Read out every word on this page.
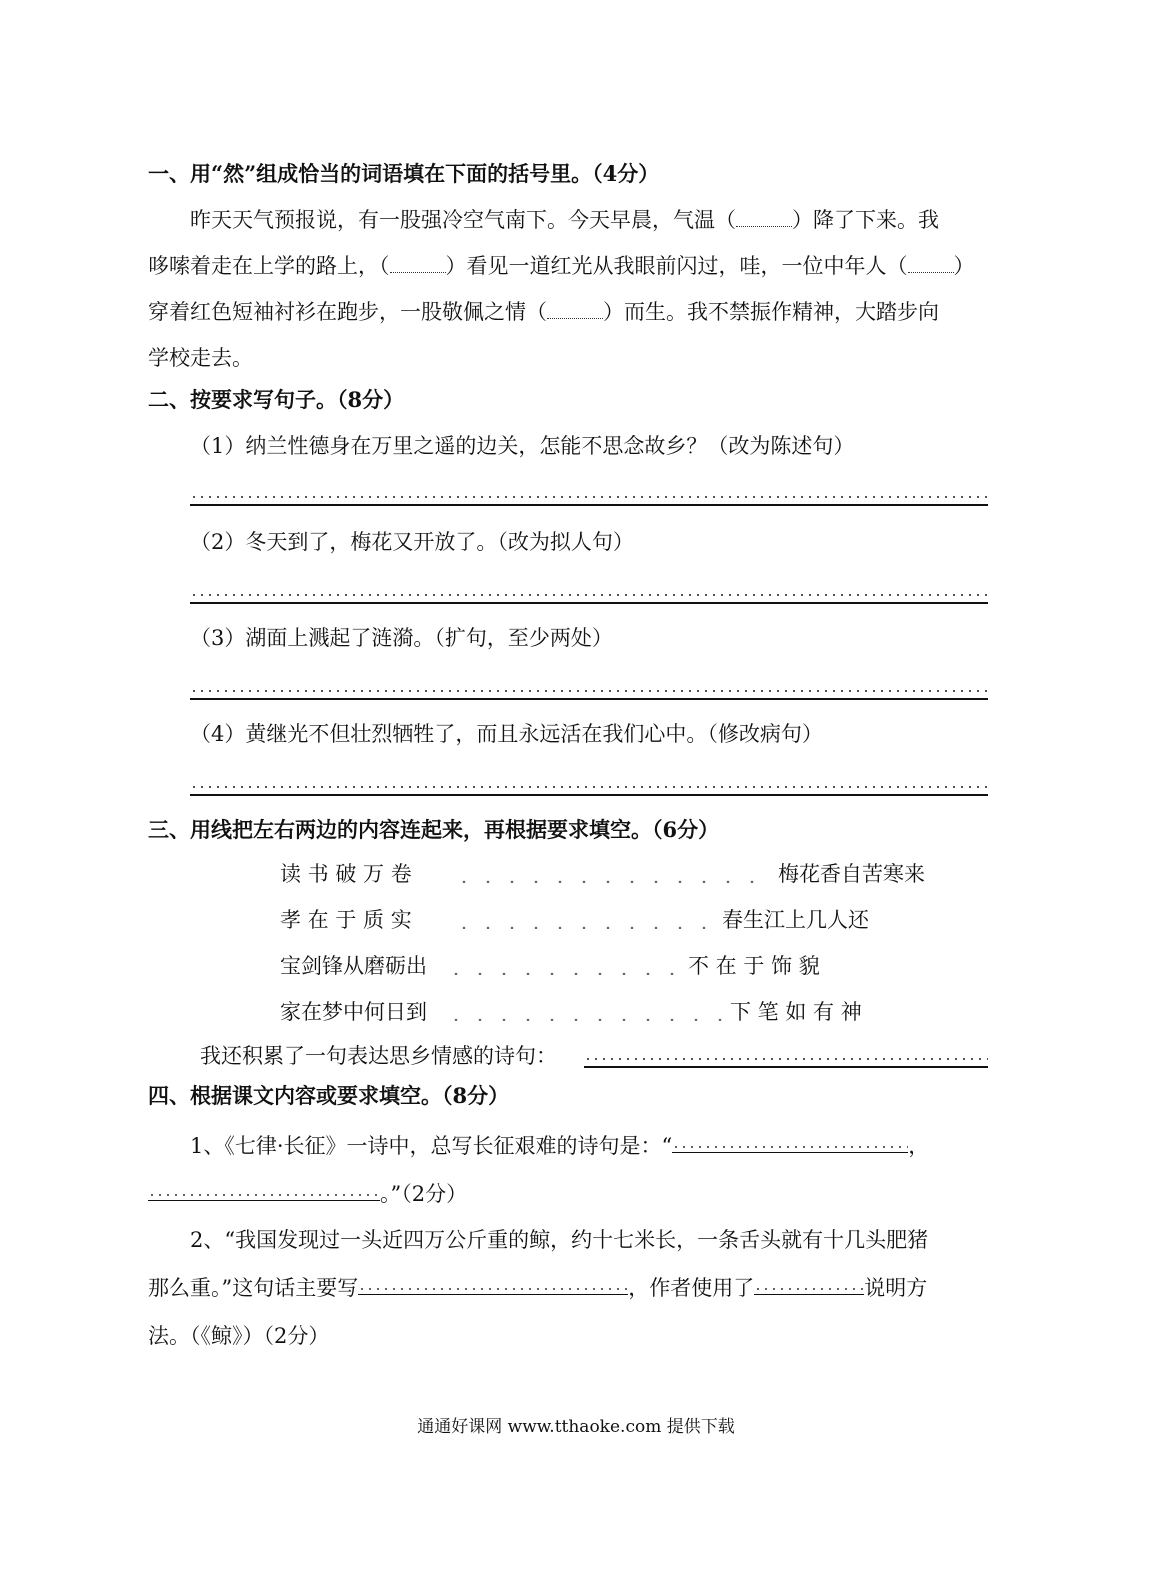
一、用“然”组成恰当的词语填在下面的括号里。（4分）
昨天天气预报说，有一股强冷空气南下。今天早晨，气温（	）降了下来。我
哆嗦着走在上学的路上，（	）看见一道红光从我眼前闪过，哇，一位中年人（ ）
穿着红色短袖衬衫在跑步，一股敬佩之情（	）而生。我不禁振作精神，大踏步向
学校走去。
二、按要求写句子。（8分）
（1）纳兰性德身在万里之遥的边关，怎能不思念故乡？（改为陈述句）
（2）冬天到了，梅花又开放了。（改为拟人句）
（3）湖面上溅起了涟漪。（扩句，至少两处）
（4）黄继光不但壮烈牺牲了，而且永远活在我们心中。（修改病句）
三、用线把左右两边的内容连起来，再根据要求填空。（6分）
读 书 破 万 卷	梅花香自苦寒来
孝 在 于 质 实	春生江上几人还
宝剑锋从磨砺出	不 在 于 饰 貌
家在梦中何日到	下 笔 如 有 神
我还积累了一句表达思乡情感的诗句：
四、根据课文内容或要求填空。（8分）
1、《七律·长征》一诗中，总写长征艰难的诗句是：“	，
。”（2分）
2、“我国发现过一头近四万公斤重的鲸，约十七米长，一条舌头就有十几头肥猪
那么重。”这句话主要写	，作者使用了	说明方
法。（《鲸》）（2分）
通通好课网 www.tthaoke.com 提供下载
